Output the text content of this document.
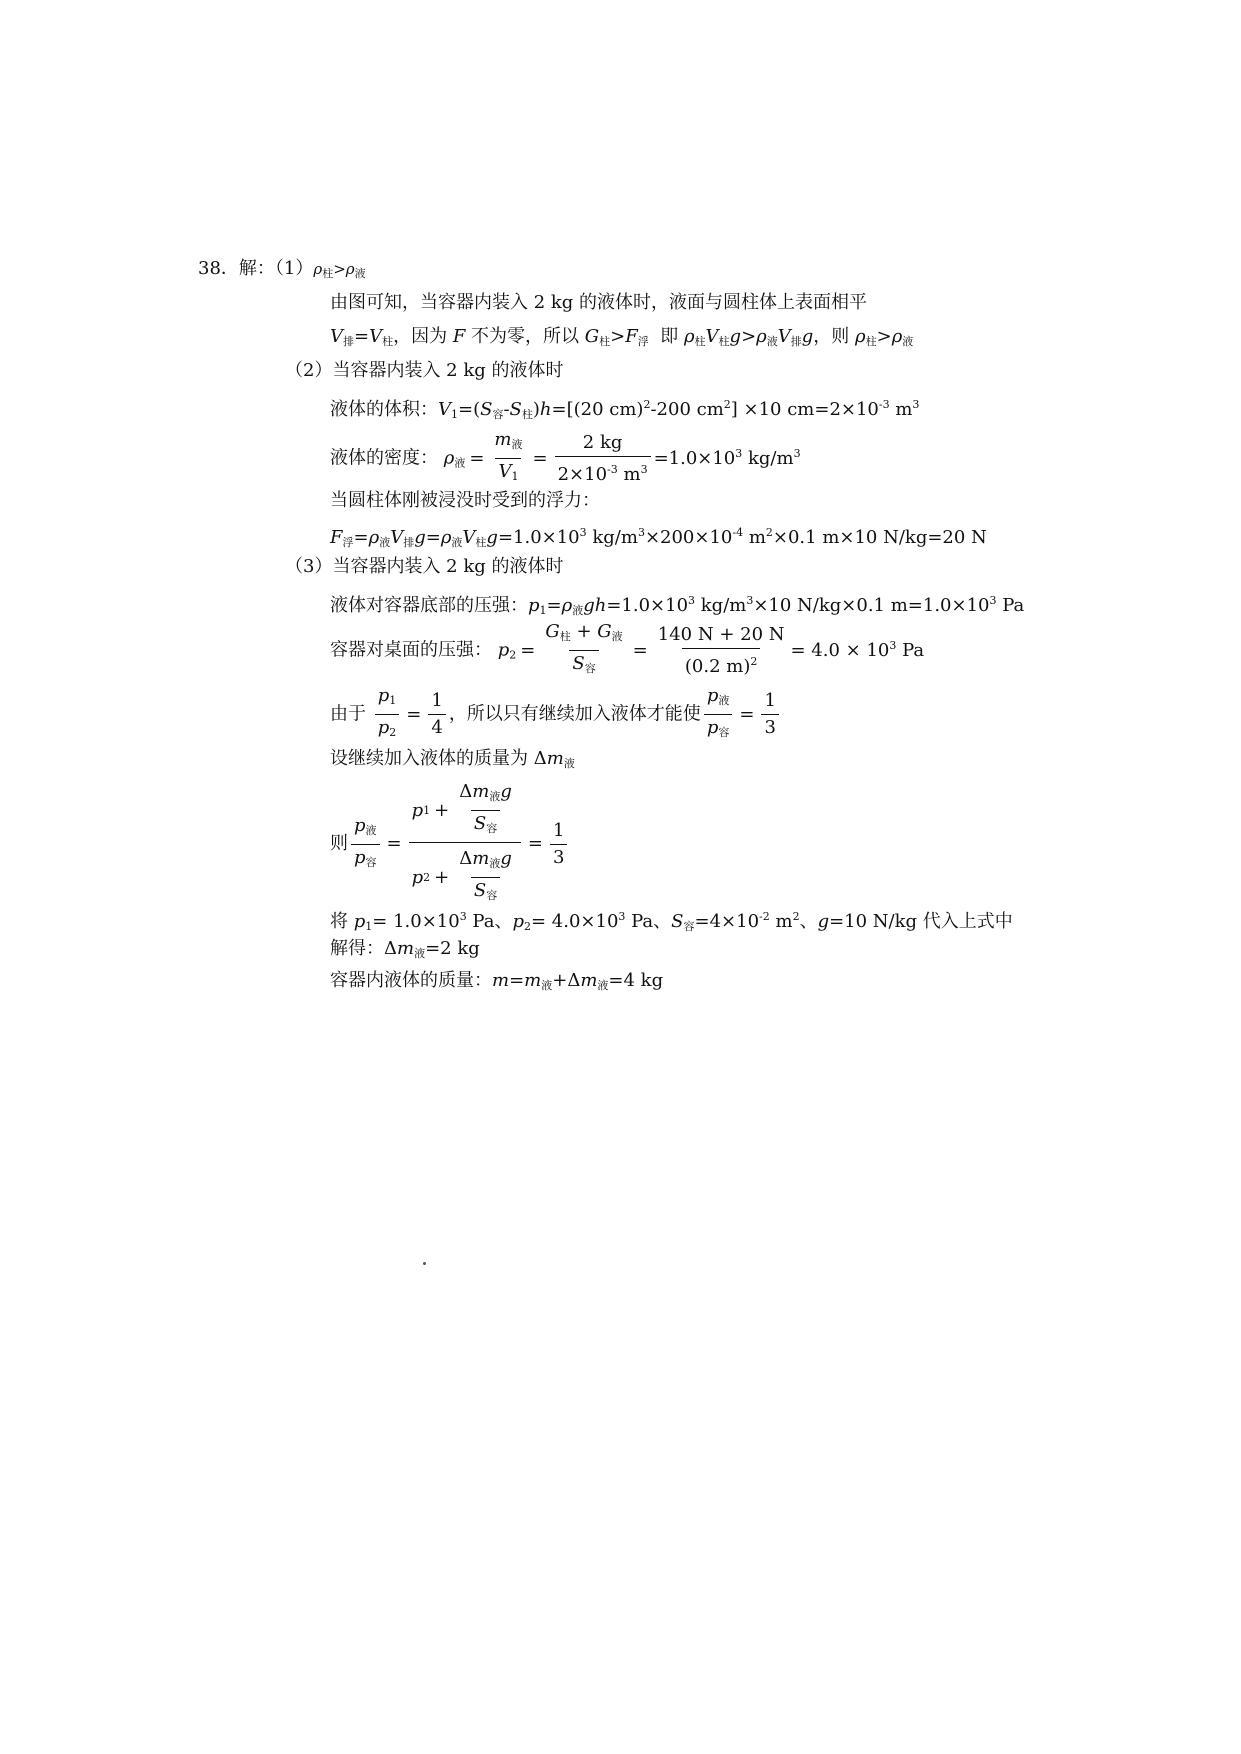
38．解：$(1)\rho_柱>\rho_液$
由图可知，当容器内装入 2 kg 的液体时，液面与圆柱体上表面相平
$V_排=V_柱$，因为 F 不为零，所以 $G_柱>F_浮$  即 $\rho_柱V_柱g>\rho_液V_排g$，则 $\rho_柱>\rho_液$
（2）当容器内装入 2 kg 的液体时
液体的体积：$V_1=(S_容-S_柱)h=[(20$ cm)$^2$-200 $cm^2] \times 10$ $cm=2\times 10^{-3}$ $m^3$
液体的密度： $\rho_液 = \frac{m_液}{V_1} = \frac{2 kg}{2\times 10^{-3} m^3} =1.0\times 10^3$ $kg/m^3$
当圆柱体刚被浸没时受到的浮力：
$F_浮=\rho_液V_排g=\rho_液V_柱g=1.0\times 10^3$ $kg/m^3\times 200\times 10^{-4}$ $m^2\times 0.1$ m×10 N/kg=20 N
（3）当容器内装入 2 kg 的液体时
液体对容器底部的压强：$p_1=\rho_液gh=1.0\times 10^3$ $kg/m^3\times 10$ N/kg×0.1 $m=1.0\times 10^3$ Pa
容器对桌面的压强： $p_2 = \frac{G_柱 + G_液}{S_容} = \frac{140 N + 20 N}{(0.2 m)^2} = 4.0 \times 10^3$ Pa
由于 $\frac{p_1}{p_2} = \frac{1}{4}$ ，所以只有继续加入液体才能使 $\frac{p_液}{p_容} = \frac{1}{3}$
设继续加入液体的质量为 $\Delta m_液$
则 $\frac{p_液}{p_容} = \frac{p 1 + \frac{\Delta m_液g}{S_容}}{p 2 + \frac{\Delta m_液g}{S_容}} = \frac{1}{3}$
将 $p_1= 1.0\times 10^3$ Pa、$p_2= 4.0\times 10^3$ Pa、$S_容=4\times 10^{-2}$ $m^2$、g=10 N/kg 代入上式中
解得：$\Delta m_液=2$ kg
容器内液体的质量：$m=m_液+\Delta m_液=4$ kg
